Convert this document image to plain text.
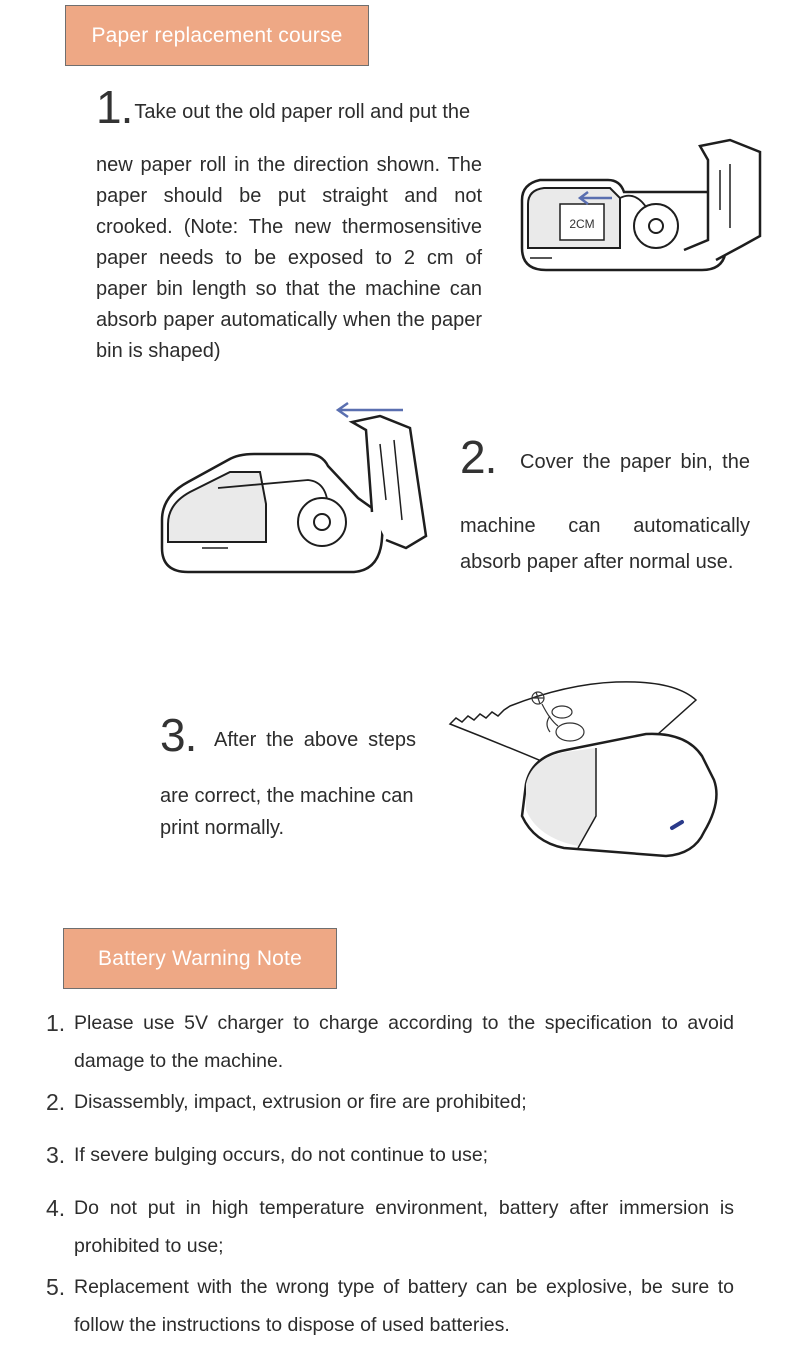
Paper replacement course
1. Take out the old paper roll and put the
new paper roll in the direction shown. The paper should be put straight and not crooked. (Note: The new thermosensitive paper needs to be exposed to 2 cm of paper bin length so that the machine can absorb paper automatically when the paper bin is shaped)
2CM
2. Cover the paper bin, the
machine can automatically absorb paper after normal use.
3. After the above steps
are correct, the machine can print normally.
Battery Warning Note
1. Please use 5V charger to charge according to the specification to avoid damage to the machine.
2. Disassembly, impact, extrusion or fire are prohibited;
3. If severe bulging occurs, do not continue to use;
4. Do not put in high temperature environment, battery after immersion is prohibited to use;
5. Replacement with the wrong type of battery can be explosive, be sure to follow the instructions to dispose of used batteries.
